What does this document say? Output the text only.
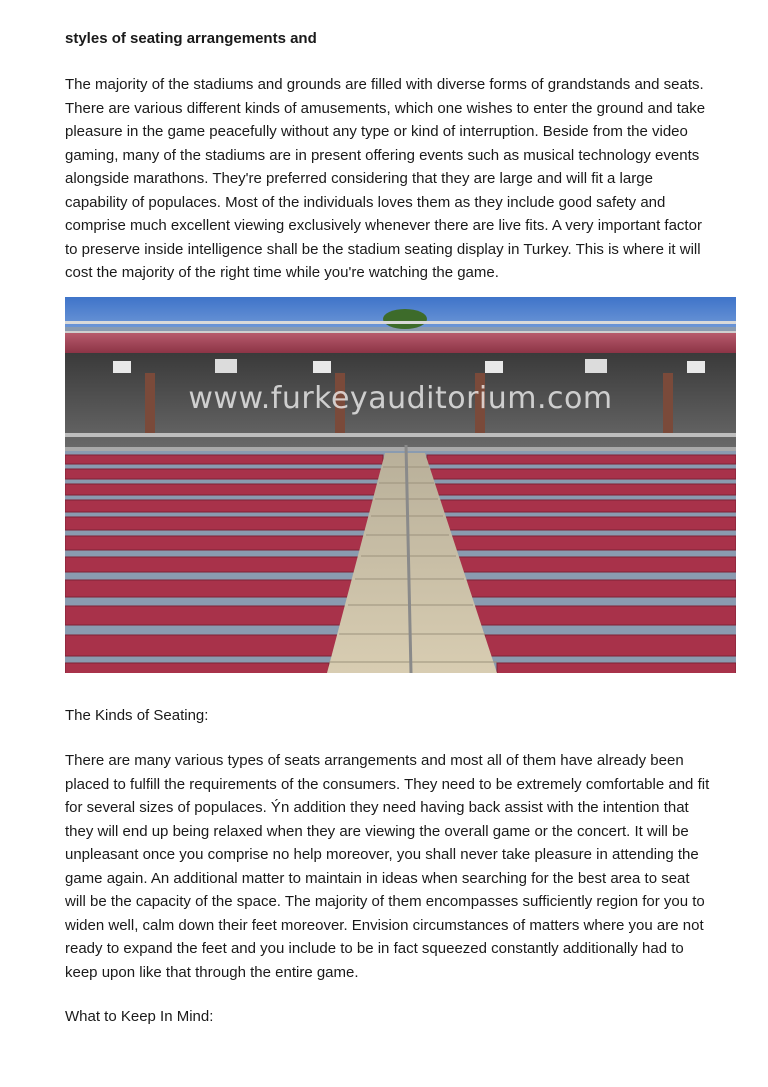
styles of seating arrangements and

The majority of the stadiums and grounds are filled with diverse forms of grandstands and seats.
There are various different kinds of amusements, which one wishes to enter the ground and take
pleasure in the game peacefully without any type or kind of interruption. Beside from the video
gaming, many of the stadiums are in present offering events such as musical technology events
alongside marathons. They're preferred considering that they are large and will fit a large
capability of populaces. Most of the individuals loves them as they include good safety and
comprise much excellent viewing exclusively whenever there are live fits. A very important factor
to preserve inside intelligence shall be the stadium seating display in Turkey. This is where it will
cost the majority of the right time while you're watching the game.

www.furkeyauditorium.com

The Kinds of Seating:

There are many various types of seats arrangements and most all of them have already been
placed to fulfill the requirements of the consumers. They need to be extremely comfortable and fit
for several sizes of populaces. Ýn addition they need having back assist with the intention that
they will end up being relaxed when they are viewing the overall game or the concert. It will be
unpleasant once you comprise no help moreover, you shall never take pleasure in attending the
game again. An additional matter to maintain in ideas when searching for the best area to seat
will be the capacity of the space. The majority of them encompasses sufficiently region for you to
widen well, calm down their feet moreover. Envision circumstances of matters where you are not
ready to expand the feet and you include to be in fact squeezed constantly additionally had to
keep upon like that through the entire game.

What to Keep In Mind:
